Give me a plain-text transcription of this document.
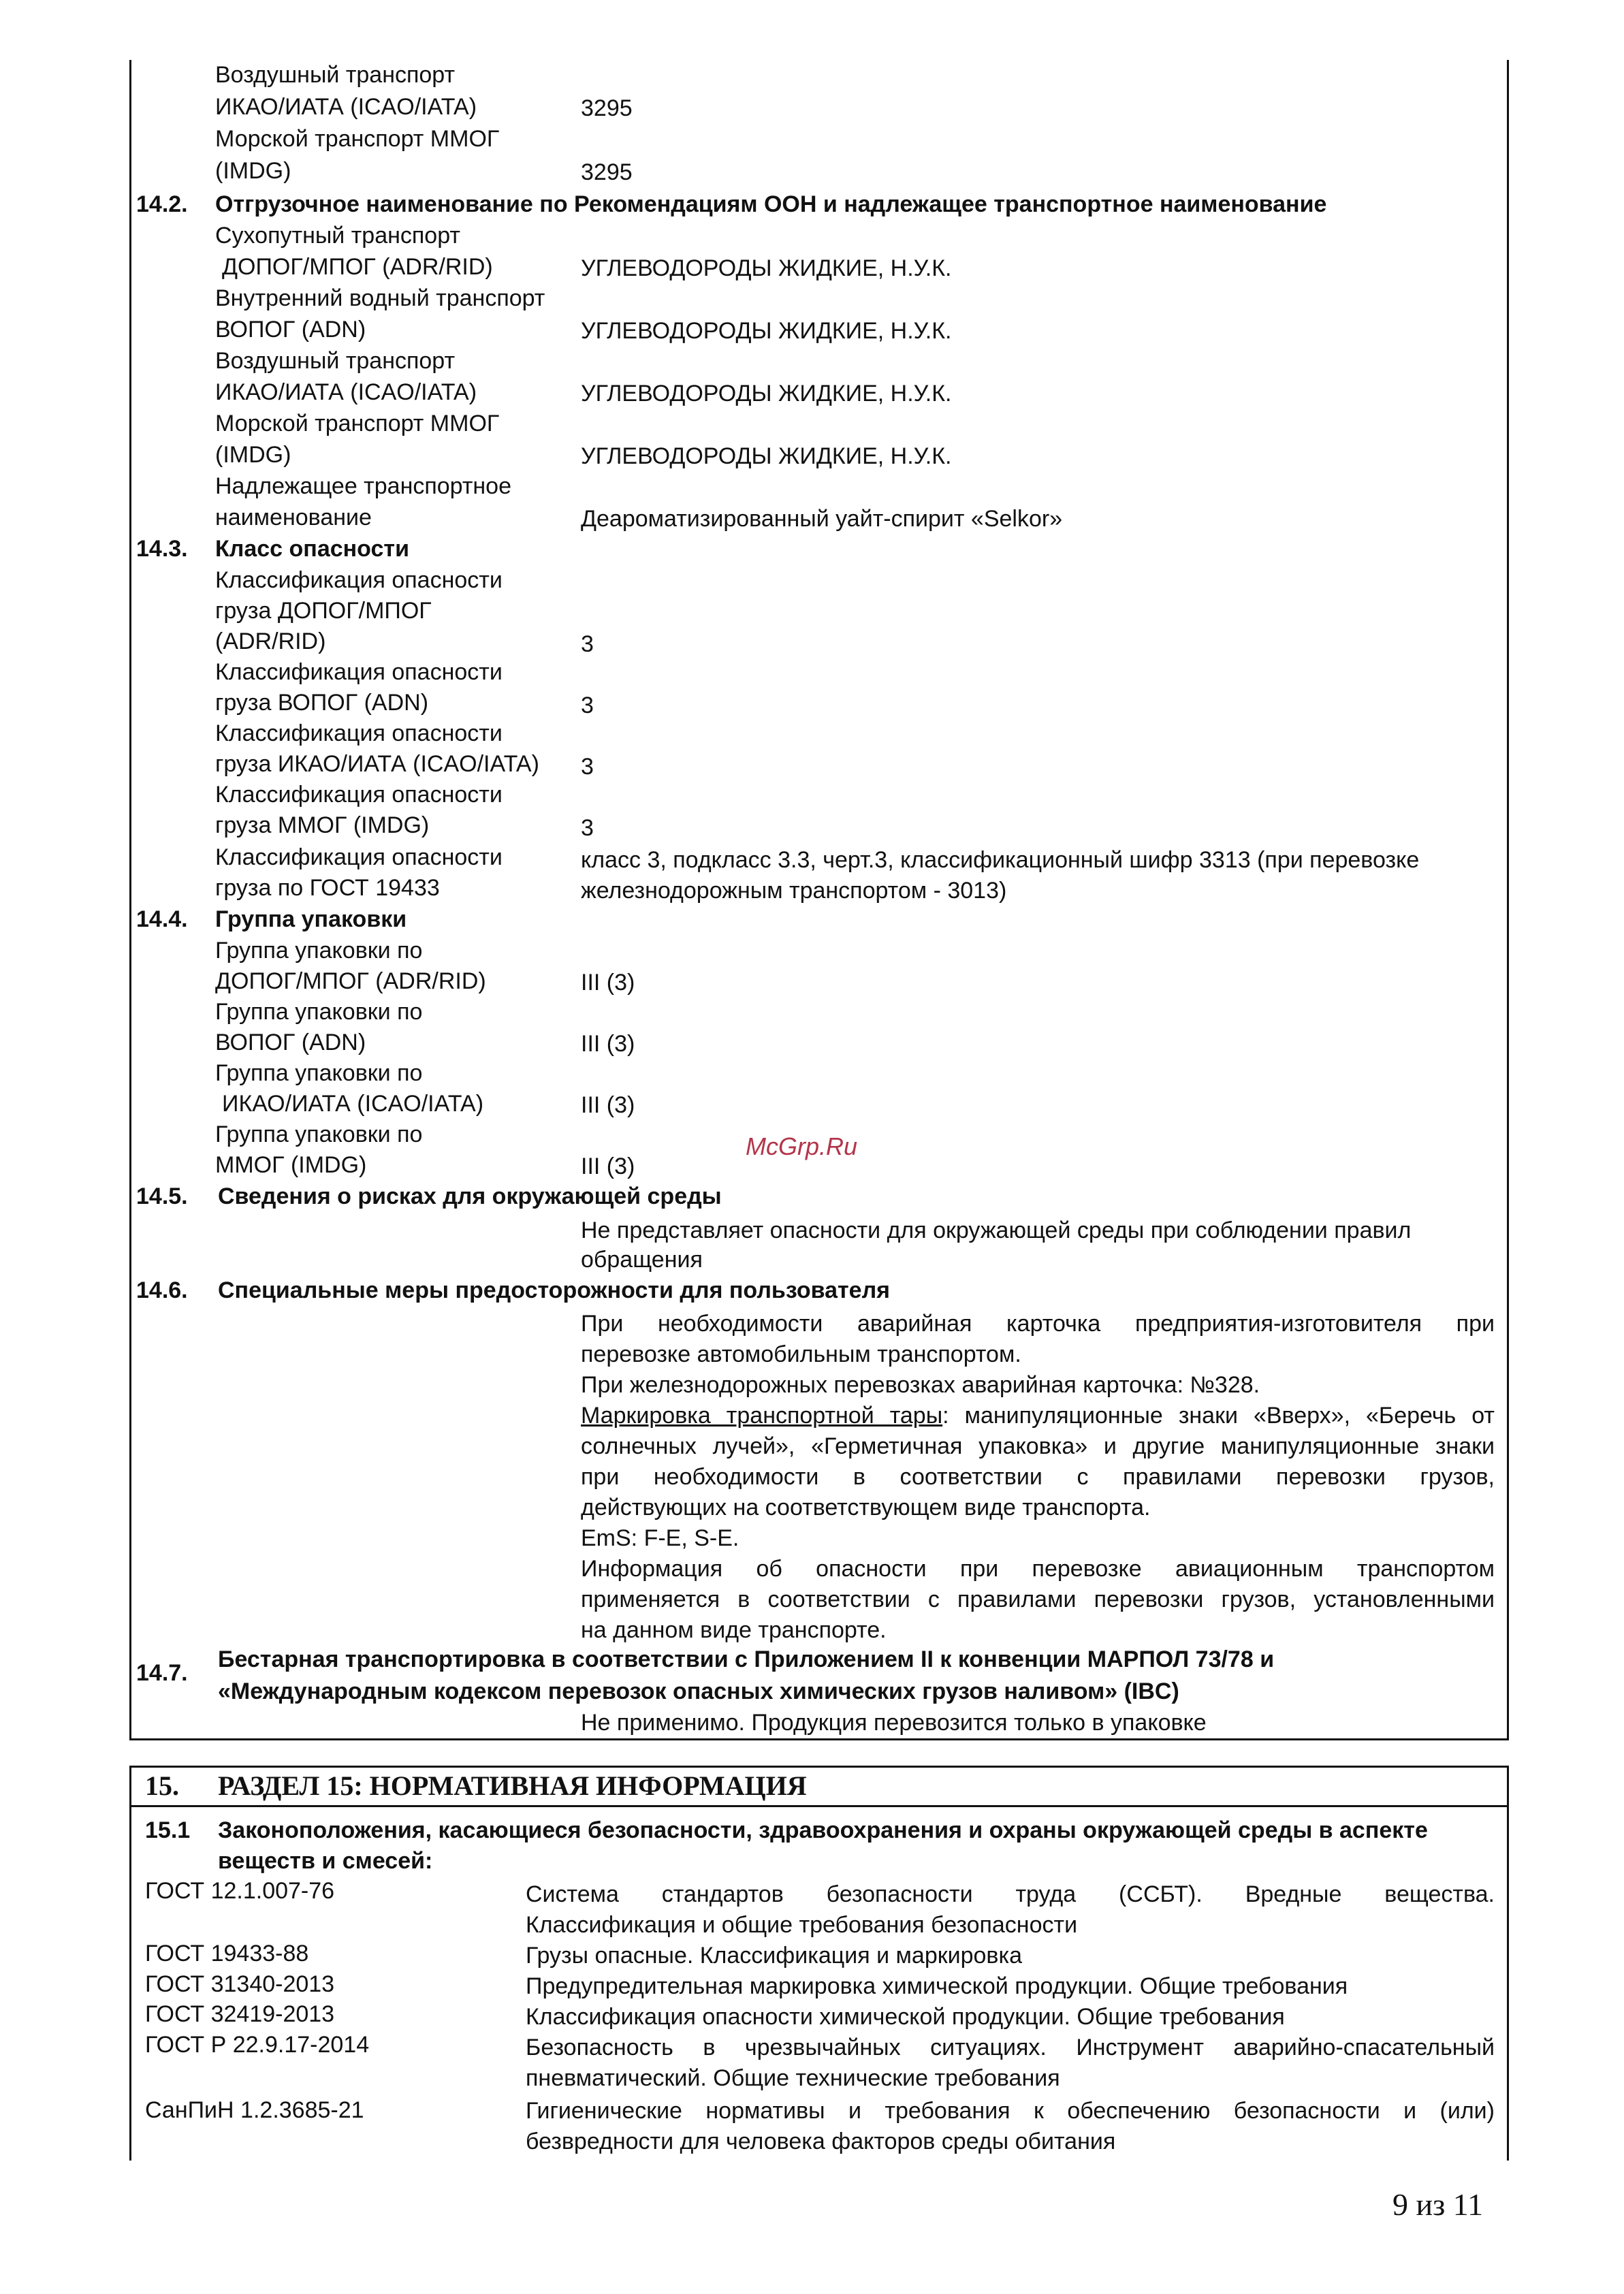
Воздушный транспорт
ИКАО/ИАТА (ICAO/IATA)	3295
Морской транспорт ММОГ
(IMDG)	3295
14.2. Отгрузочное наименование по Рекомендациям ООН и надлежащее транспортное наименование
Сухопутный транспорт
ДОПОГ/МПОГ (ADR/RID)	УГЛЕВОДОРОДЫ ЖИДКИЕ, Н.У.К.
Внутренний водный транспорт
ВОПОГ (ADN)	УГЛЕВОДОРОДЫ ЖИДКИЕ, Н.У.К.
Воздушный транспорт
ИКАО/ИАТА (ICAO/IATA)	УГЛЕВОДОРОДЫ ЖИДКИЕ, Н.У.К.
Морской транспорт ММОГ
(IMDG)	УГЛЕВОДОРОДЫ ЖИДКИЕ, Н.У.К.
Надлежащее транспортное
наименование	Деароматизированный уайт-спирит «Selkor»
14.3. Класс опасности
Классификация опасности
груза ДОПОГ/МПОГ
(ADR/RID)	3
Классификация опасности
груза ВОПОГ (ADN)	3
Классификация опасности
груза ИКАО/ИАТА (ICAO/IATA) 3
Классификация опасности
груза ММОГ (IMDG)	3
Классификация опасности
груза по ГОСТ 19433
класс 3, подкласс 3.3, черт.3, классификационный шифр 3313 (при перевозке
железнодорожным транспортом - 3013)
14.4. Группа упаковки
Группа упаковки по
ДОПОГ/МПОГ (ADR/RID)	III (3)
Группа упаковки по
ВОПОГ (ADN)	III (3)
Группа упаковки по
ИКАО/ИАТА (ICAO/IATA)	III (3)
Группа упаковки по
ММОГ (IMDG)	III (3)
McGrp.Ru
14.5. Сведения о рисках для окружающей среды
Не представляет опасности для окружающей среды при соблюдении правил
обращения
14.6. Специальные меры предосторожности для пользователя
При необходимости аварийная карточка предприятия-изготовителя при
перевозке автомобильным транспортом.
При железнодорожных перевозках аварийная карточка: №328.
Маркировка транспортной тары: манипуляционные знаки «Вверх», «Беречь от
солнечных лучей», «Герметичная упаковка» и другие манипуляционные знаки
при необходимости в соответствии с правилами перевозки грузов,
действующих на соответствующем виде транспорта.
EmS: F-E, S-E.
Информация об опасности при перевозке авиационным транспортом
применяется в соответствии с правилами перевозки грузов, установленными
на данном виде транспорте.
14.7.
Бестарная транспортировка в соответствии с Приложением II к конвенции МАРПОЛ 73/78 и
«Международным кодексом перевозок опасных химических грузов наливом» (IBC)
Не применимо. Продукция перевозится только в упаковке
15. РАЗДЕЛ 15: НОРМАТИВНАЯ ИНФОРМАЦИЯ
15.1 Законоположения, касающиеся безопасности, здравоохранения и охраны окружающей среды в аспекте
веществ и смесей:
ГОСТ 12.1.007-76	Система стандартов безопасности труда (ССБТ). Вредные вещества.
Классификация и общие требования безопасности
ГОСТ 19433-88	Грузы опасные. Классификация и маркировка
ГОСТ 31340-2013	Предупредительная маркировка химической продукции. Общие требования
ГОСТ 32419-2013	Классификация опасности химической продукции. Общие требования
ГОСТ Р 22.9.17-2014	Безопасность в чрезвычайных ситуациях. Инструмент аварийно-спасательный
пневматический. Общие технические требования
СанПиН 1.2.3685-21	Гигиенические нормативы и требования к обеспечению безопасности и (или)
безвредности для человека факторов среды обитания
9 из 11
